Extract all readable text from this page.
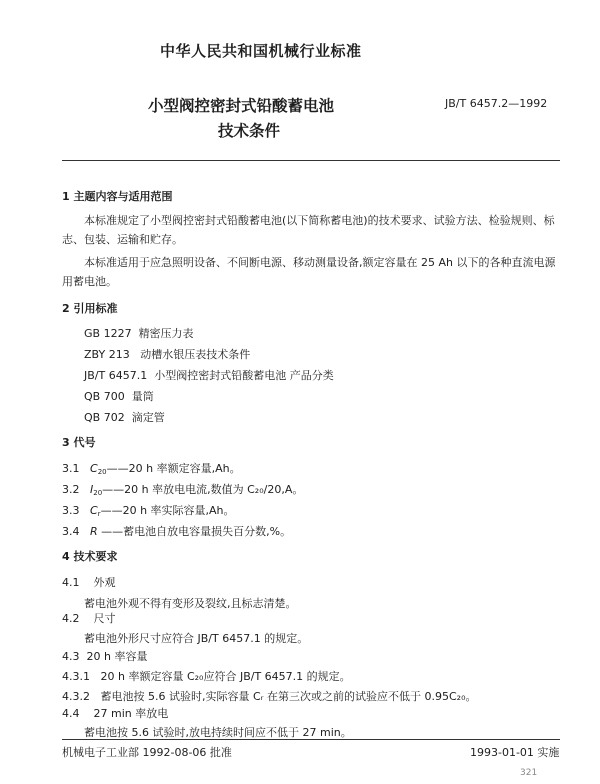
中华人民共和国机械行业标准
小型阀控密封式铅酸蓄电池
技术条件
JB/T 6457.2—1992
1 主题内容与适用范围
本标准规定了小型阀控密封式铅酸蓄电池(以下简称蓄电池)的技术要求、试验方法、检验规则、标
志、包装、运输和贮存。
本标准适用于应急照明设备、不间断电源、移动测量设备,额定容量在 25 Ah 以下的各种直流电源
用蓄电池。
2 引用标准
GB 1227 精密压力表
ZBY 213 动槽水银压表技术条件
JB/T 6457.1 小型阀控密封式铅酸蓄电池 产品分类
QB 700 量筒
QB 702 滴定管
3 代号
3.1 $C_{20}——20$ h 率额定容量,Ah。
3.2 $I_{20}——20$ h 率放电电流,数值为 C₂₀/20,A。
3.3 $C_r——20$ h 率实际容量,Ah。
3.4 R ——蓄电池自放电容量损失百分数,%。
4 技术要求
4.1 外观
蓄电池外观不得有变形及裂纹,且标志清楚。
4.2 尺寸
蓄电池外形尺寸应符合 JB/T 6457.1 的规定。
4.3 20 h 率容量
4.3.1 20 h 率额定容量 C₂₀应符合 JB/T 6457.1 的规定。
4.3.2 蓄电池按 5.6 试验时,实际容量 Cᵣ 在第三次或之前的试验应不低于 0.95C₂₀。
4.4 27 min 率放电
蓄电池按 5.6 试验时,放电持续时间应不低于 27 min。
机械电子工业部 1992-08-06 批准	1993-01-01 实施
321
